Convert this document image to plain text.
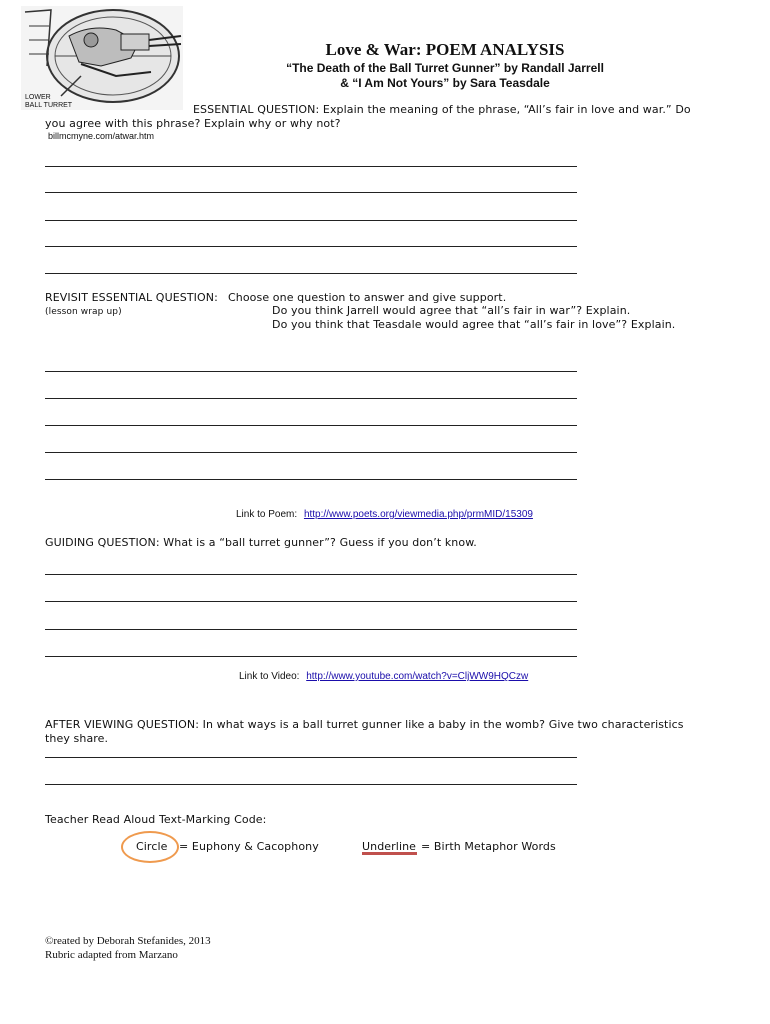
LOWER
BALL TURRET
Love & War: POEM ANALYSIS
“The Death of the Ball Turret Gunner” by Randall Jarrell
& “I Am Not Yours” by Sara Teasdale
ESSENTIAL QUESTION: Explain the meaning of the phrase, “All’s fair in love and war.” Do
you agree with this phrase? Explain why or why not?
billmcmyne.com/atwar.htm
REVISIT ESSENTIAL QUESTION: Choose one question to answer and give support.
(lesson wrap up)	Do you think Jarrell would agree that “all’s fair in war”? Explain.
Do you think that Teasdale would agree that “all’s fair in love”? Explain.
Link to Poem: http://www.poets.org/viewmedia.php/prmMID/15309
GUIDING QUESTION: What is a “ball turret gunner”? Guess if you don’t know.
Link to Video: http://www.youtube.com/watch?v=CljWW9HQCzw
AFTER VIEWING QUESTION: In what ways is a ball turret gunner like a baby in the womb? Give two characteristics
they share.
Teacher Read Aloud Text-Marking Code:
Circle = Euphony & Cacophony	Underline = Birth Metaphor Words
©reated by Deborah Stefanides, 2013
Rubric adapted from Marzano
